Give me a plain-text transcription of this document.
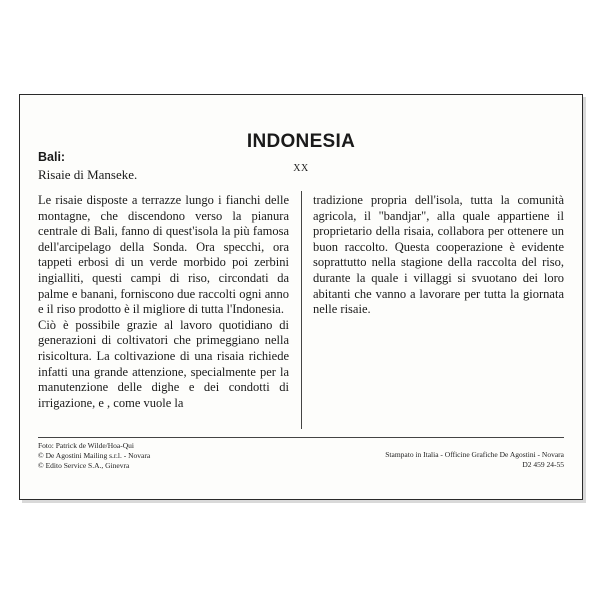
INDONESIA
XX
Bali:
Risaie di Manseke.

Le risaie disposte a terrazze lungo i fianchi delle montagne, che discendono verso la pianura centrale di Bali, fanno di quest'isola la più famosa dell'arcipelago della Sonda. Ora specchi, ora tappeti erbosi di un verde morbido poi zerbini ingialliti, questi campi di riso, circondati da palme e banani, forniscono due raccolti ogni anno e il riso prodotto è il migliore di tutta l'Indonesia.

Ciò è possibile grazie al lavoro quotidiano di generazioni di coltivatori che primeggiano nella risicoltura. La coltivazione di una risaia richiede infatti una grande attenzione, specialmente per la manutenzione delle dighe e dei condotti di irrigazione, e , come vuole la

tradizione propria dell'isola, tutta la comunità agricola, il "bandjar", alla quale appartiene il proprietario della risaia, collabora per ottenere un buon raccolto. Questa cooperazione è evidente soprattutto nella stagione della raccolta del riso, durante la quale i villaggi si svuotano dei loro abitanti che vanno a lavorare per tutta la giornata nelle risaie.

Foto: Patrick de Wilde/Hoa-Qui
© De Agostini Mailing s.r.l. - Novara
© Edito Service S.A., Ginevra
Stampato in Italia - Officine Grafiche De Agostini - Novara
D2 459 24-55
